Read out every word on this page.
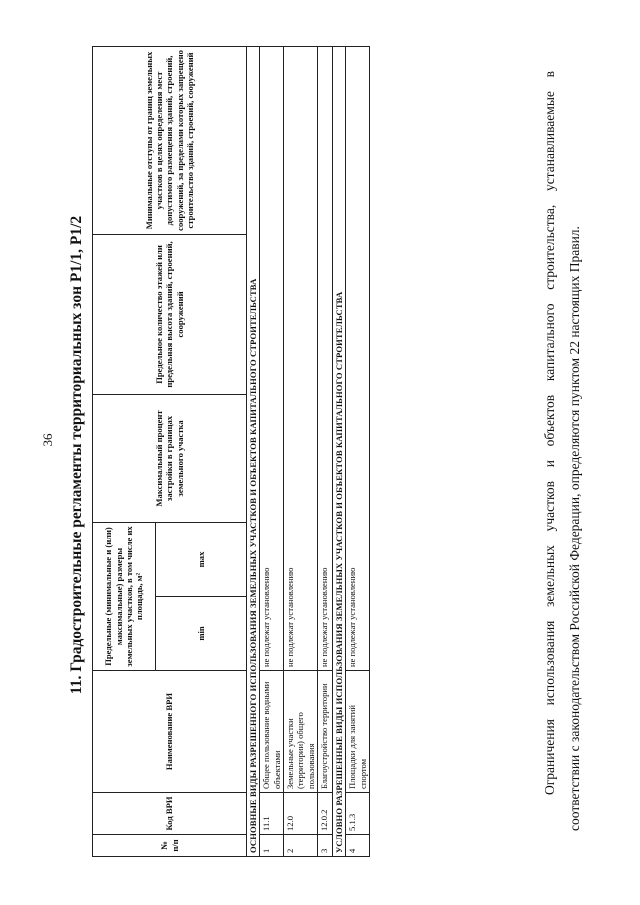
36 11. Градостроительные регламенты территориальных зон Р1/1, Р1/2
№ п/п	Код ВРИ	Наименование ВРИ	Предельные (минимальные и (или) максимальные) размеры земельных участков, в том числе их площадь, м²		Максимальный процент застройки в границах земельного участка	Предельное количество этажей или предельная высота зданий, строений, сооружений	Минимальные отступы от границ земельных участков в целях определения мест допустимого размещения зданий, строений, сооружений, за пределами которых запрещено строительство зданий, строений, сооружений
			min	max			
ОСНОВНЫЕ ВИДЫ РАЗРЕШЕННОГО ИСПОЛЬЗОВАНИЯ ЗЕМЕЛЬНЫХ УЧАСТКОВ И ОБЪЕКТОВ КАПИТАЛЬНОГО СТРОИТЕЛЬСТВА							
1	11.1	Общее пользование водными объектами	не подлежат установлению				
2	12.0	Земельные участки (территории) общего пользования	не подлежат установлению				
3	12.0.2	Благоустройство территории	не подлежат установлению				
УСЛОВНО РАЗРЕШЕННЫЕ ВИДЫ ИСПОЛЬЗОВАНИЯ ЗЕМЕЛЬНЫХ УЧАСТКОВ И ОБЪЕКТОВ КАПИТАЛЬНОГО СТРОИТЕЛЬСТВА							
4	5.1.3	Площадки для занятий спортом	не подлежат установлению					Ограничения использования земельных участков и объектов капитального строительства, устанавливаемые в соответствии с законодательством Российской Федерации, определяются пунктом 22 настоящих Правил.
